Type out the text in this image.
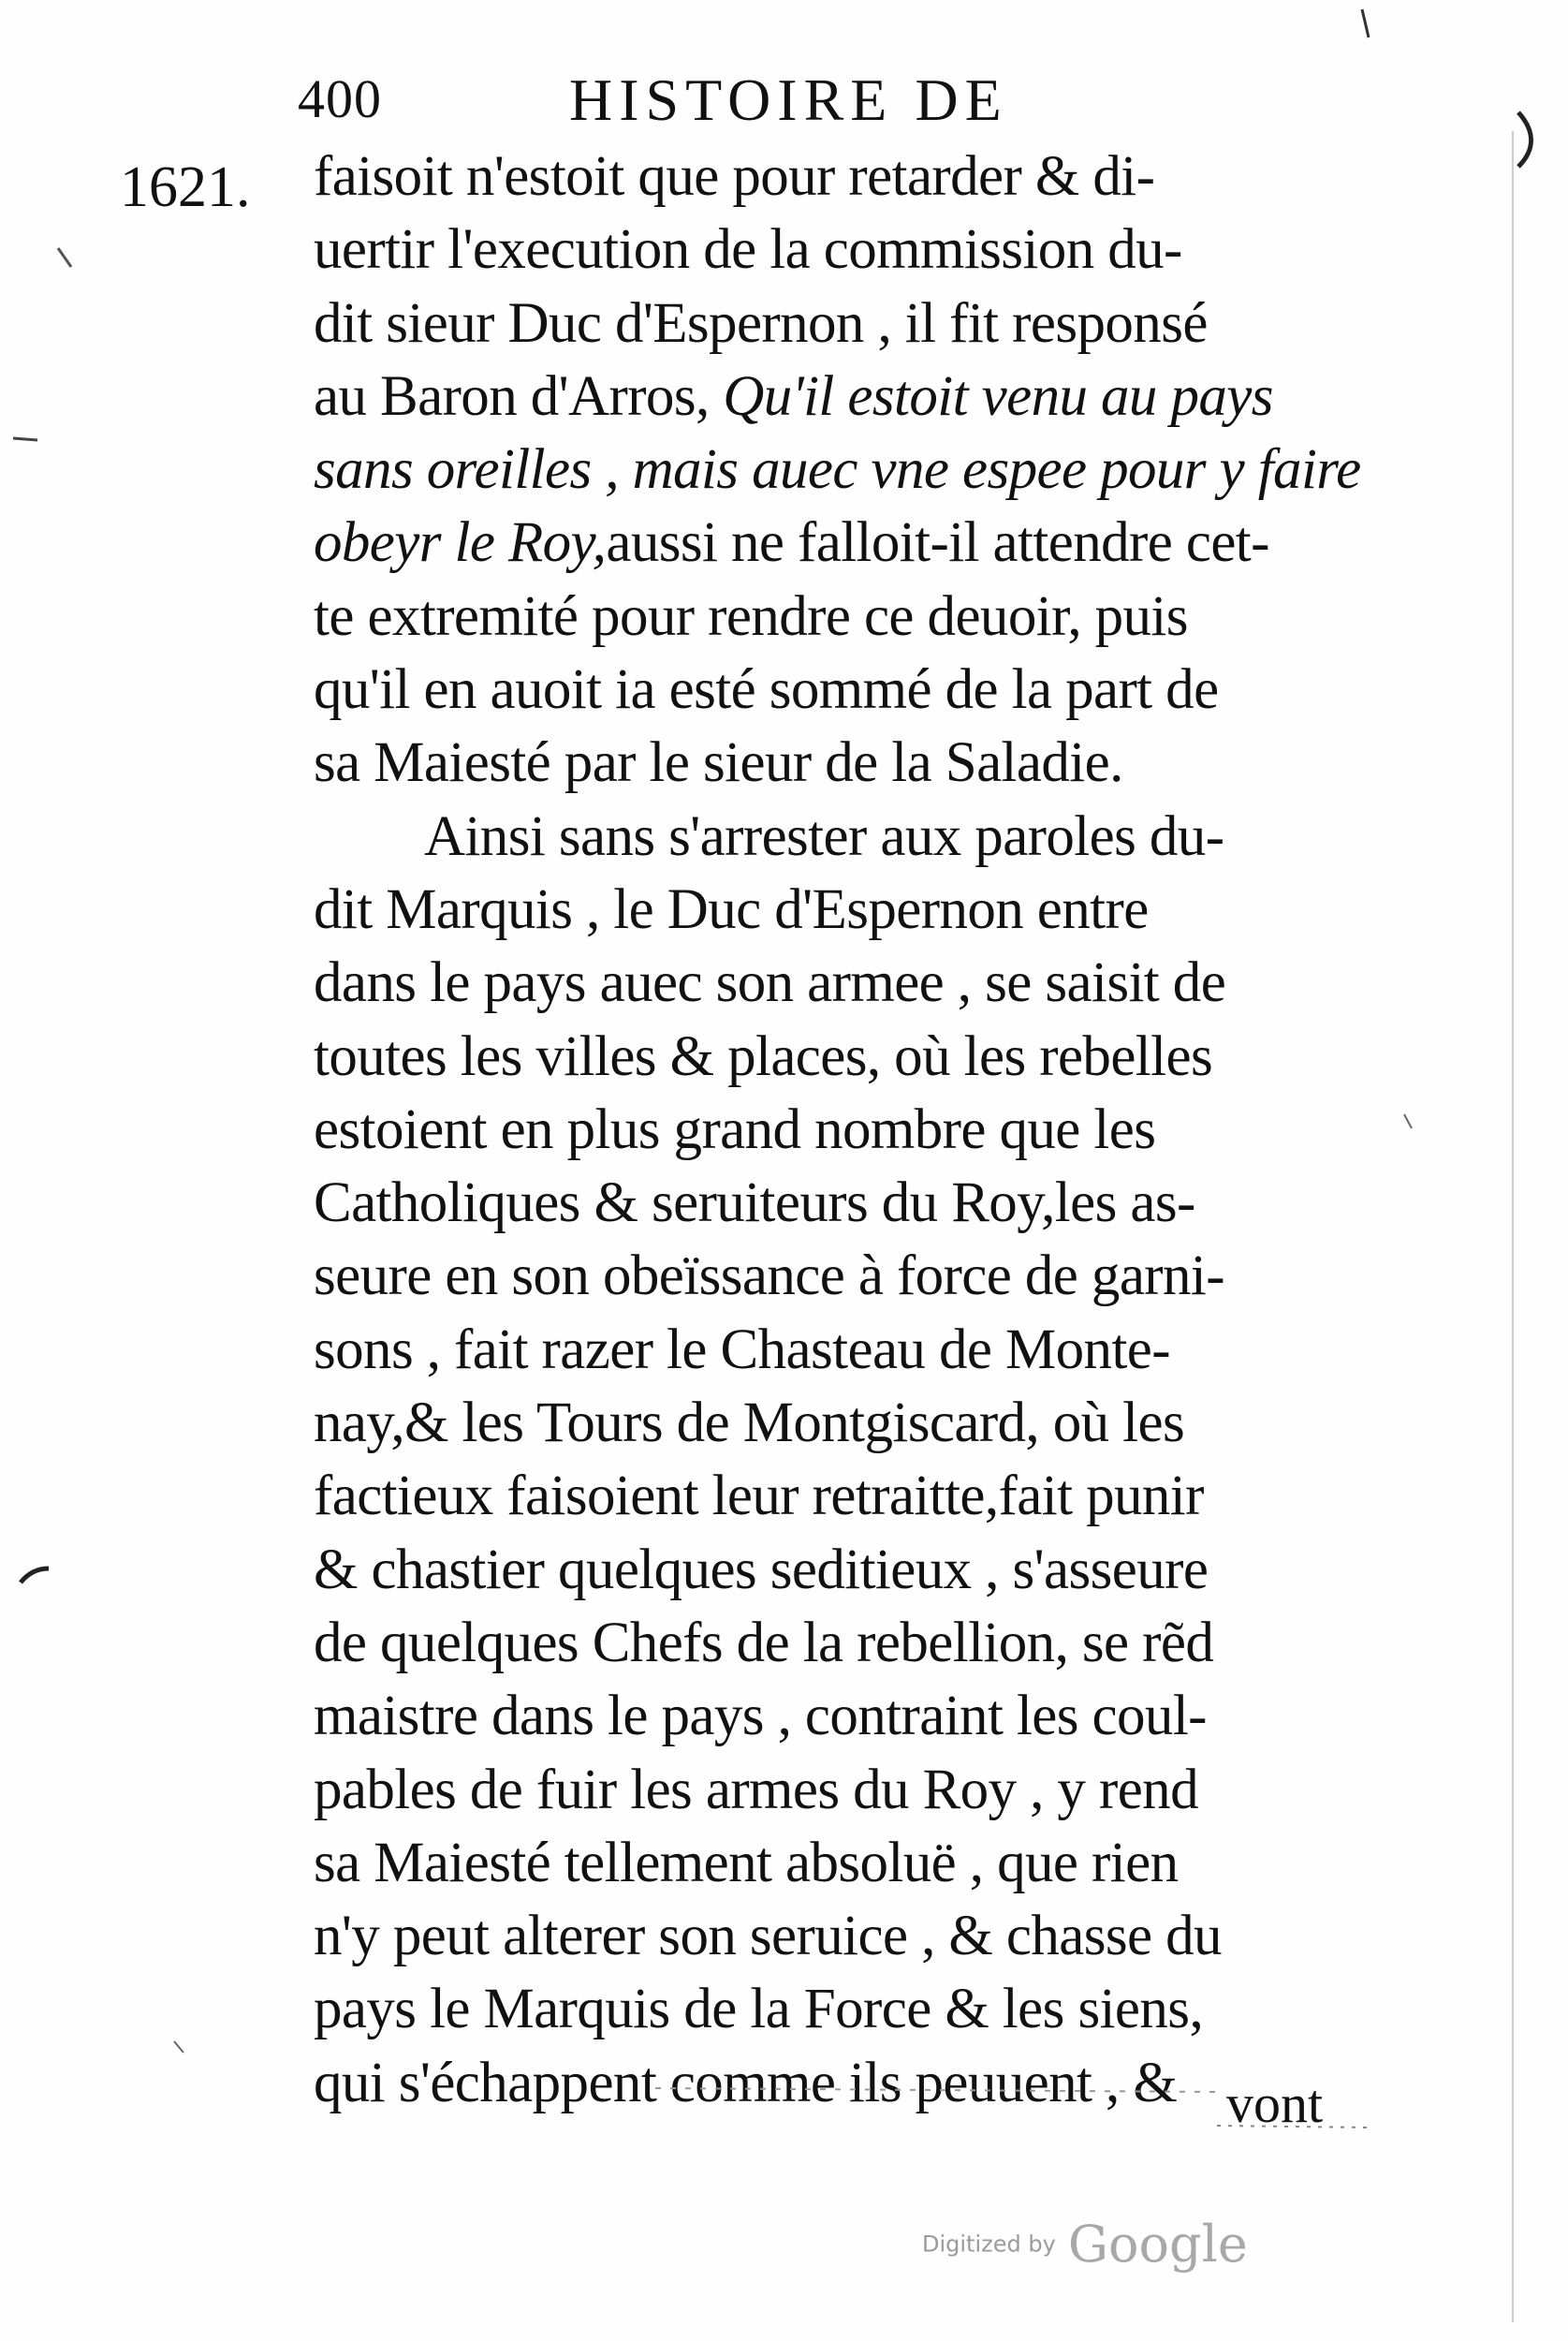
400	HISTOIRE DE
1621. faisoit n'estoit que pour retarder & di-
uertir l'execution de la commission du-
dit sieur Duc d'Espernon , il fit responsé
au Baron d'Arros, Qu'il estoit venu au pays
sans oreilles , mais auec vne espee pour y faire
obeyr le Roy,aussi ne falloit-il attendre cet-
te extremité pour rendre ce deuoir, puis
qu'il en auoit ia esté sommé de la part de
sa Maiesté par le sieur de la Saladie.
Ainsi sans s'arrester aux paroles du-
dit Marquis , le Duc d'Espernon entre
dans le pays auec son armee , se saisit de
toutes les villes & places, où les rebelles
estoient en plus grand nombre que les
Catholiques & seruiteurs du Roy,les as-
seure en son obeïssance à force de garni-
sons , fait razer le Chasteau de Monte-
nay,& les Tours de Montgiscard, où les
factieux faisoient leur retraitte,fait punir
& chastier quelques seditieux , s'asseure
de quelques Chefs de la rebellion, se rẽd
maistre dans le pays , contraint les coul-
pables de fuir les armes du Roy , y rend
sa Maiesté tellement absoluë , que rien
n'y peut alterer son seruice , & chasse du
pays le Marquis de la Force & les siens,
qui s'échappent comme ils peuuent , & vont
Digitized by Google
